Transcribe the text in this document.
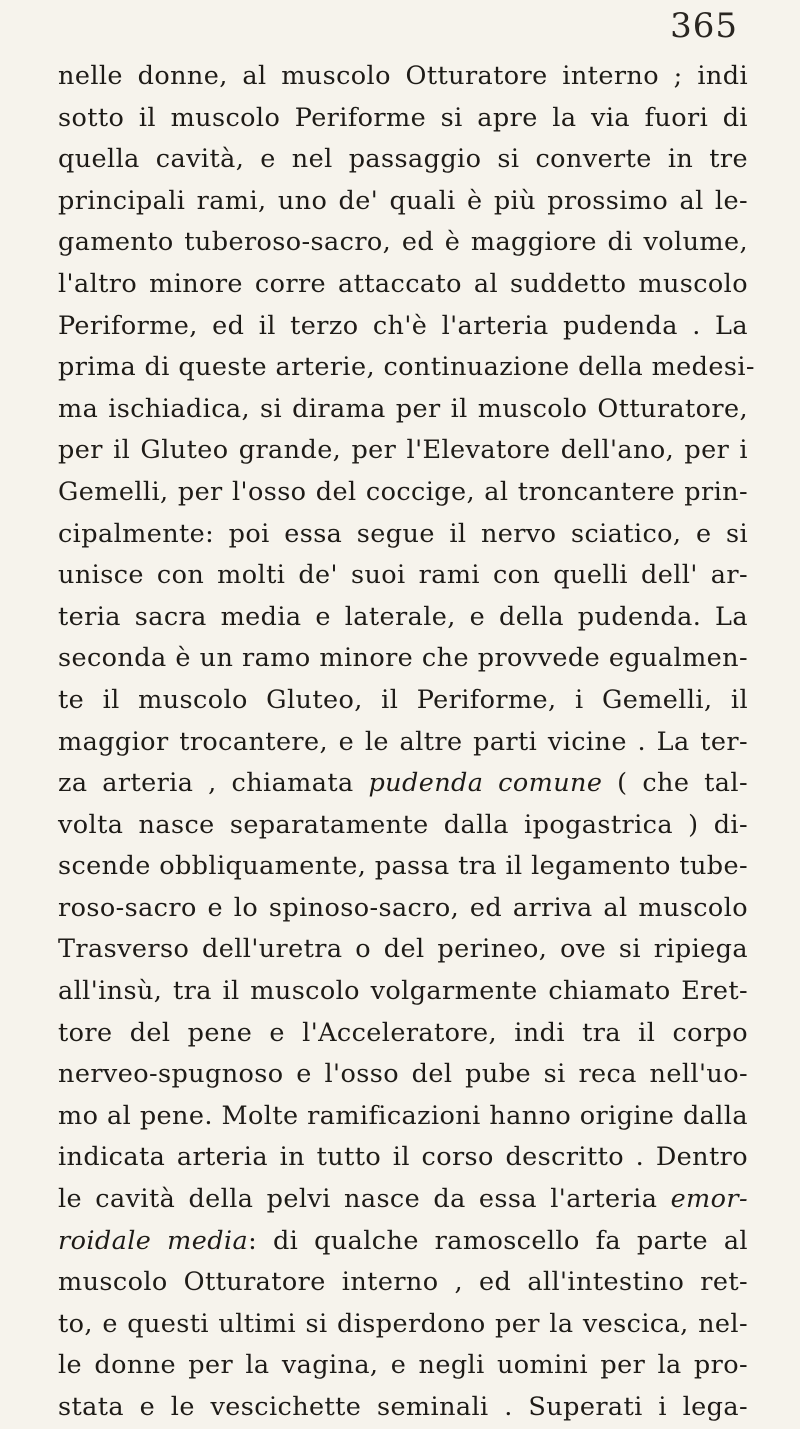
365
nelle donne, al muscolo Otturatore interno ; indi
sotto il muscolo Periforme si apre la via fuori di
quella cavità, e nel passaggio si converte in tre
principali rami, uno de' quali è più prossimo al le-
gamento tuberoso-sacro, ed è maggiore di volume,
l'altro minore corre attaccato al suddetto muscolo
Periforme, ed il terzo ch'è l'arteria pudenda . La
prima di queste arterie, continuazione della medesi-
ma ischiadica, si dirama per il muscolo Otturatore,
per il Gluteo grande, per l'Elevatore dell'ano, per i
Gemelli, per l'osso del coccige, al troncantere prin-
cipalmente: poi essa segue il nervo sciatico, e si
unisce con molti de' suoi rami con quelli dell' ar-
teria sacra media e laterale, e della pudenda. La
seconda è un ramo minore che provvede egualmen-
te il muscolo Gluteo, il Periforme, i Gemelli, il
maggior trocantere, e le altre parti vicine . La ter-
za arteria , chiamata pudenda comune ( che tal-
volta nasce separatamente dalla ipogastrica ) di-
scende obbliquamente, passa tra il legamento tube-
roso-sacro e lo spinoso-sacro, ed arriva al muscolo
Trasverso dell'uretra o del perineo, ove si ripiega
all'insù, tra il muscolo volgarmente chiamato Eret-
tore del pene e l'Acceleratore, indi tra il corpo
nerveo-spugnoso e l'osso del pube si reca nell'uo-
mo al pene. Molte ramificazioni hanno origine dalla
indicata arteria in tutto il corso descritto . Dentro
le cavità della pelvi nasce da essa l'arteria emor-
roidale media: di qualche ramoscello fa parte al
muscolo Otturatore interno , ed all'intestino ret-
to, e questi ultimi si disperdono per la vescica, nel-
le donne per la vagina, e negli uomini per la pro-
stata e le vescichette seminali . Superati i lega-
